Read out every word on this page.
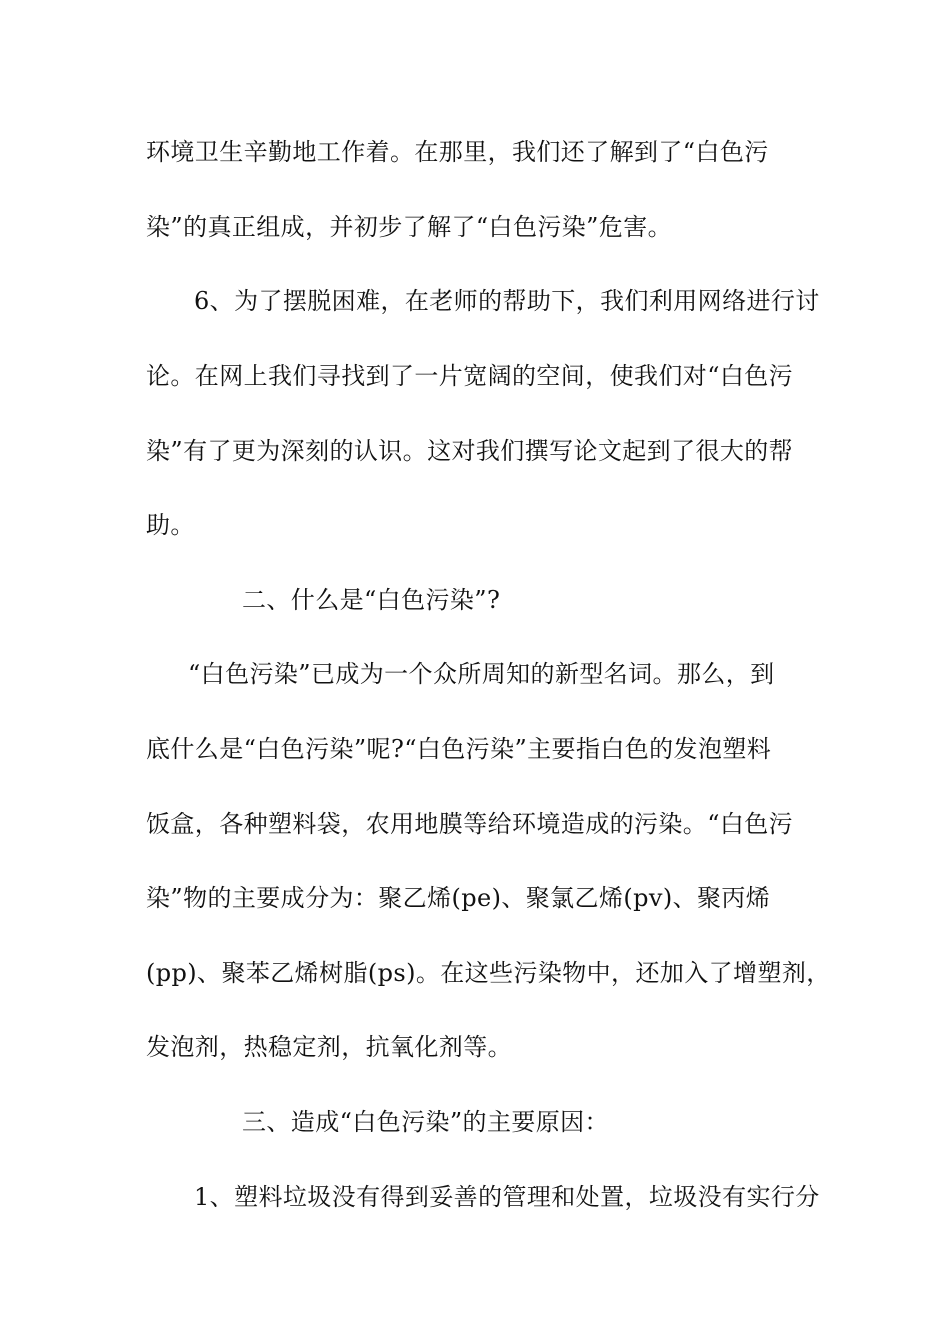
环境卫生辛勤地工作着。在那里，我们还了解到了“白色污
染”的真正组成，并初步了解了“白色污染”危害。
6、为了摆脱困难，在老师的帮助下，我们利用网络进行讨
论。在网上我们寻找到了一片宽阔的空间，使我们对“白色污
染”有了更为深刻的认识。这对我们撰写论文起到了很大的帮
助。
二、什么是“白色污染”?
“白色污染”已成为一个众所周知的新型名词。那么，到
底什么是“白色污染”呢?“白色污染”主要指白色的发泡塑料
饭盒，各种塑料袋，农用地膜等给环境造成的污染。“白色污
染”物的主要成分为：聚乙烯(pe)、聚氯乙烯(pv)、聚丙烯
(pp)、聚苯乙烯树脂(ps)。在这些污染物中，还加入了增塑剂，
发泡剂，热稳定剂，抗氧化剂等。
三、造成“白色污染”的主要原因：
1、塑料垃圾没有得到妥善的管理和处置，垃圾没有实行分
